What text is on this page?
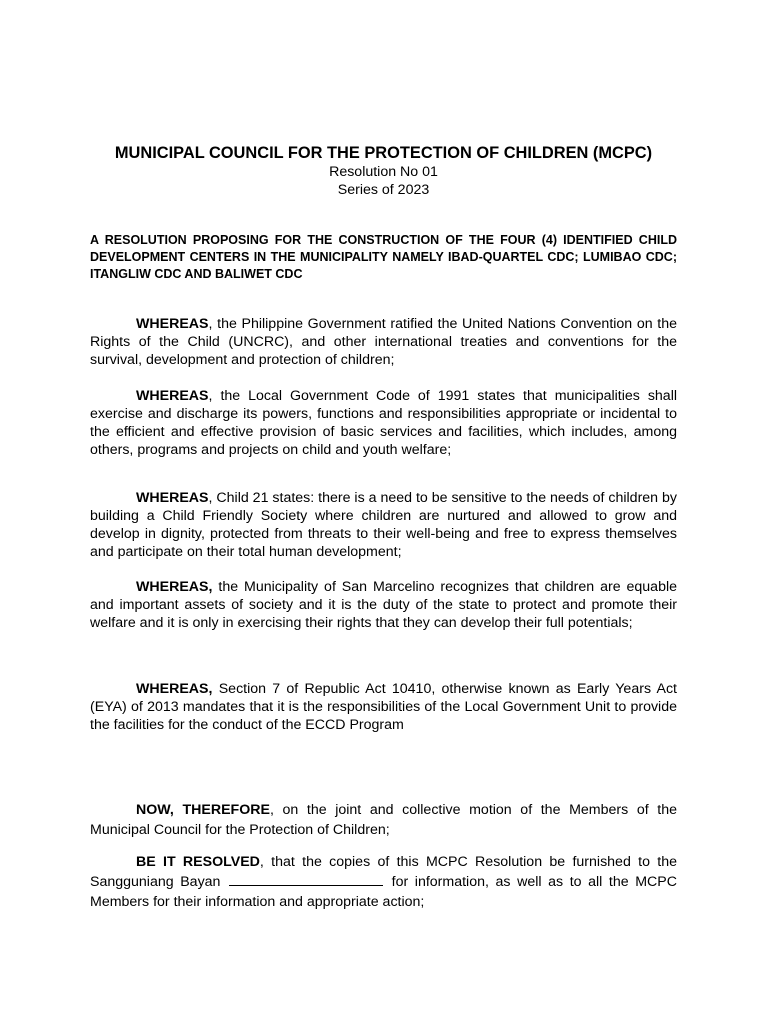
MUNICIPAL COUNCIL FOR THE PROTECTION OF CHILDREN (MCPC)
Resolution No 01
Series of 2023
A RESOLUTION PROPOSING FOR THE CONSTRUCTION OF THE FOUR (4) IDENTIFIED CHILD DEVELOPMENT CENTERS IN THE MUNICIPALITY NAMELY IBAD-QUARTEL CDC; LUMIBAO CDC; ITANGLIW CDC AND BALIWET CDC

WHEREAS, the Philippine Government ratified the United Nations Convention on the Rights of the Child (UNCRC), and other international treaties and conventions for the survival, development and protection of children;

WHEREAS, the Local Government Code of 1991 states that municipalities shall exercise and discharge its powers, functions and responsibilities appropriate or incidental to the efficient and effective provision of basic services and facilities, which includes, among others, programs and projects on child and youth welfare;

WHEREAS, Child 21 states: there is a need to be sensitive to the needs of children by building a Child Friendly Society where children are nurtured and allowed to grow and develop in dignity, protected from threats to their well-being and free to express themselves and participate on their total human development;

WHEREAS, the Municipality of San Marcelino recognizes that children are equable and important assets of society and it is the duty of the state to protect and promote their welfare and it is only in exercising their rights that they can develop their full potentials;

WHEREAS, Section 7 of Republic Act 10410, otherwise known as Early Years Act (EYA) of 2013 mandates that it is the responsibilities of the Local Government Unit to provide the facilities for the conduct of the ECCD Program

NOW, THEREFORE, on the joint and collective motion of the Members of the Municipal Council for the Protection of Children;

BE IT RESOLVED, that the copies of this MCPC Resolution be furnished to the Sangguniang Bayan	for information, as well as to all the MCPC Members for their information and appropriate action;
